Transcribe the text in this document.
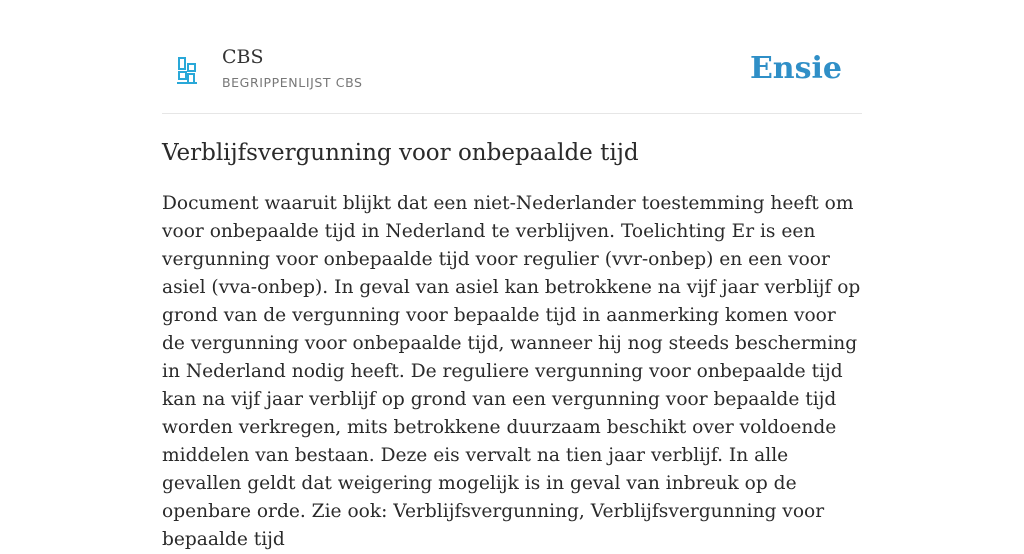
CBS
BEGRIPPENLIJST CBS	Ensie
Verblijfsvergunning voor onbepaalde tijd

Document waaruit blijkt dat een niet-Nederlander toestemming heeft om voor onbepaalde tijd in Nederland te verblijven. Toelichting Er is een vergunning voor onbepaalde tijd voor regulier (vvr-onbep) en een voor asiel (vva-onbep). In geval van asiel kan betrokkene na vijf jaar verblijf op grond van de vergunning voor bepaalde tijd in aanmerking komen voor de vergunning voor onbepaalde tijd, wanneer hij nog steeds bescherming in Nederland nodig heeft. De reguliere vergunning voor onbepaalde tijd kan na vijf jaar verblijf op grond van een vergunning voor bepaalde tijd worden verkregen, mits betrokkene duurzaam beschikt over voldoende middelen van bestaan. Deze eis vervalt na tien jaar verblijf. In alle gevallen geldt dat weigering mogelijk is in geval van inbreuk op de openbare orde. Zie ook: Verblijfsvergunning, Verblijfsvergunning voor bepaalde tijd
